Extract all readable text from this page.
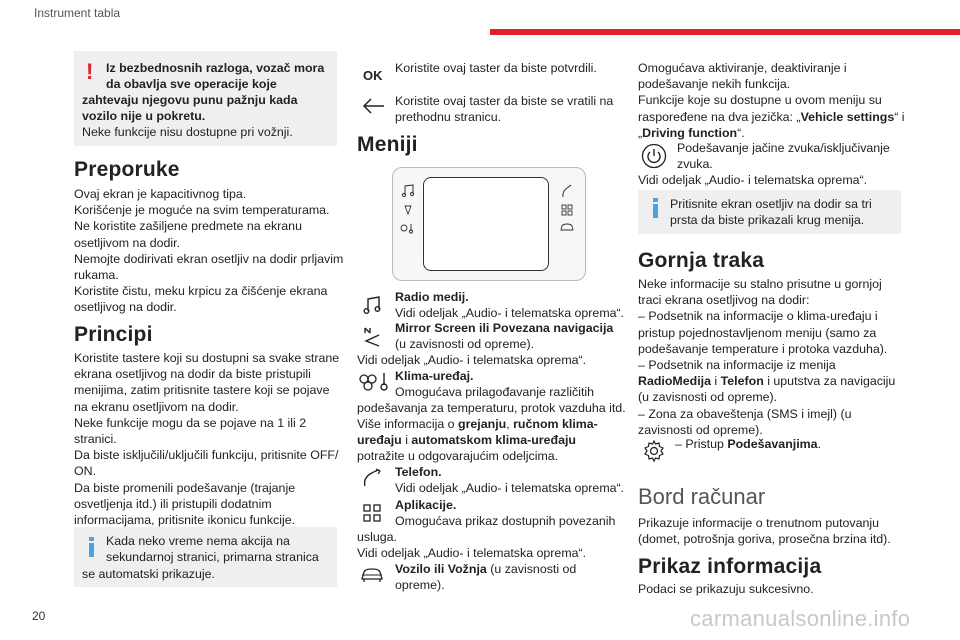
Instrument tabla
! Iz bezbednosnih razloga, vozač mora
da obavlja sve operacije koje
zahtevaju njegovu punu pažnju kada
vozilo nije u pokretu.
Neke funkcije nisu dostupne pri vožnji.
Preporuke
Ovaj ekran je kapacitivnog tipa.
Korišćenje je moguće na svim temperaturama.
Ne koristite zašiljene predmete na ekranu
osetljivom na dodir.
Nemojte dodirivati ekran osetljiv na dodir prljavim
rukama.
Koristite čistu, meku krpicu za čišćenje ekrana
osetljivog na dodir.
Principi
Koristite tastere koji su dostupni sa svake strane
ekrana osetljivog na dodir da biste pristupili
menijima, zatim pritisnite tastere koji se pojave
na ekranu osetljivom na dodir.
Neke funkcije mogu da se pojave na 1 ili 2
stranici.
Da biste isključili/uključili funkciju, pritisnite OFF/
ON.
Da biste promenili podešavanje (trajanje
osvetljenja itd.) ili pristupili dodatnim
informacijama, pritisnite ikonicu funkcije.
Kada neko vreme nema akcija na
sekundarnoj stranici, primarna stranica
se automatski prikazuje.
20
OK Koristite ovaj taster da biste potvrdili.
Koristite ovaj taster da biste se vratili na
prethodnu stranicu.
Meniji
Radio medij.
Vidi odeljak „Audio- i telematska oprema“.
Mirror Screen ili Povezana navigacija
(u zavisnosti od opreme).
Vidi odeljak „Audio- i telematska oprema“.
Klima-uređaj.
Omogućava prilagođavanje različitih
podešavanja za temperaturu, protok vazduha itd.
Više informacija o grejanju, ručnom klima-
uređaju i automatskom klima-uređaju
potražite u odgovarajućim odeljcima.
Telefon.
Vidi odeljak „Audio- i telematska oprema“.
Aplikacije.
Omogućava prikaz dostupnih povezanih
usluga.
Vidi odeljak „Audio- i telematska oprema“.
Vozilo ili Vožnja (u zavisnosti od
opreme).
Omogućava aktiviranje, deaktiviranje i
podešavanje nekih funkcija.
Funkcije koje su dostupne u ovom meniju su
raspoređene na dva jezička: „Vehicle settings“ i
„Driving function“.
Podešavanje jačine zvuka/isključivanje
zvuka.
Vidi odeljak „Audio- i telematska oprema“.
Pritisnite ekran osetljiv na dodir sa tri
prsta da biste prikazali krug menija.
Gornja traka
Neke informacije su stalno prisutne u gornjoj
traci ekrana osetljivog na dodir:
– Podsetnik na informacije o klima-uređaju i
pristup pojednostavljenom meniju (samo za
podešavanje temperature i protoka vazduha).
– Podsetnik na informacije iz menija
RadioMedija i Telefon i uputstva za navigaciju
(u zavisnosti od opreme).
– Zona za obaveštenja (SMS i imejl) (u
zavisnosti od opreme).
– Pristup Podešavanjima.
Bord računar
Prikazuje informacije o trenutnom putovanju
(domet, potrošnja goriva, prosečna brzina itd).
Prikaz informacija
Podaci se prikazuju sukcesivno.
carmanualsonline.info
